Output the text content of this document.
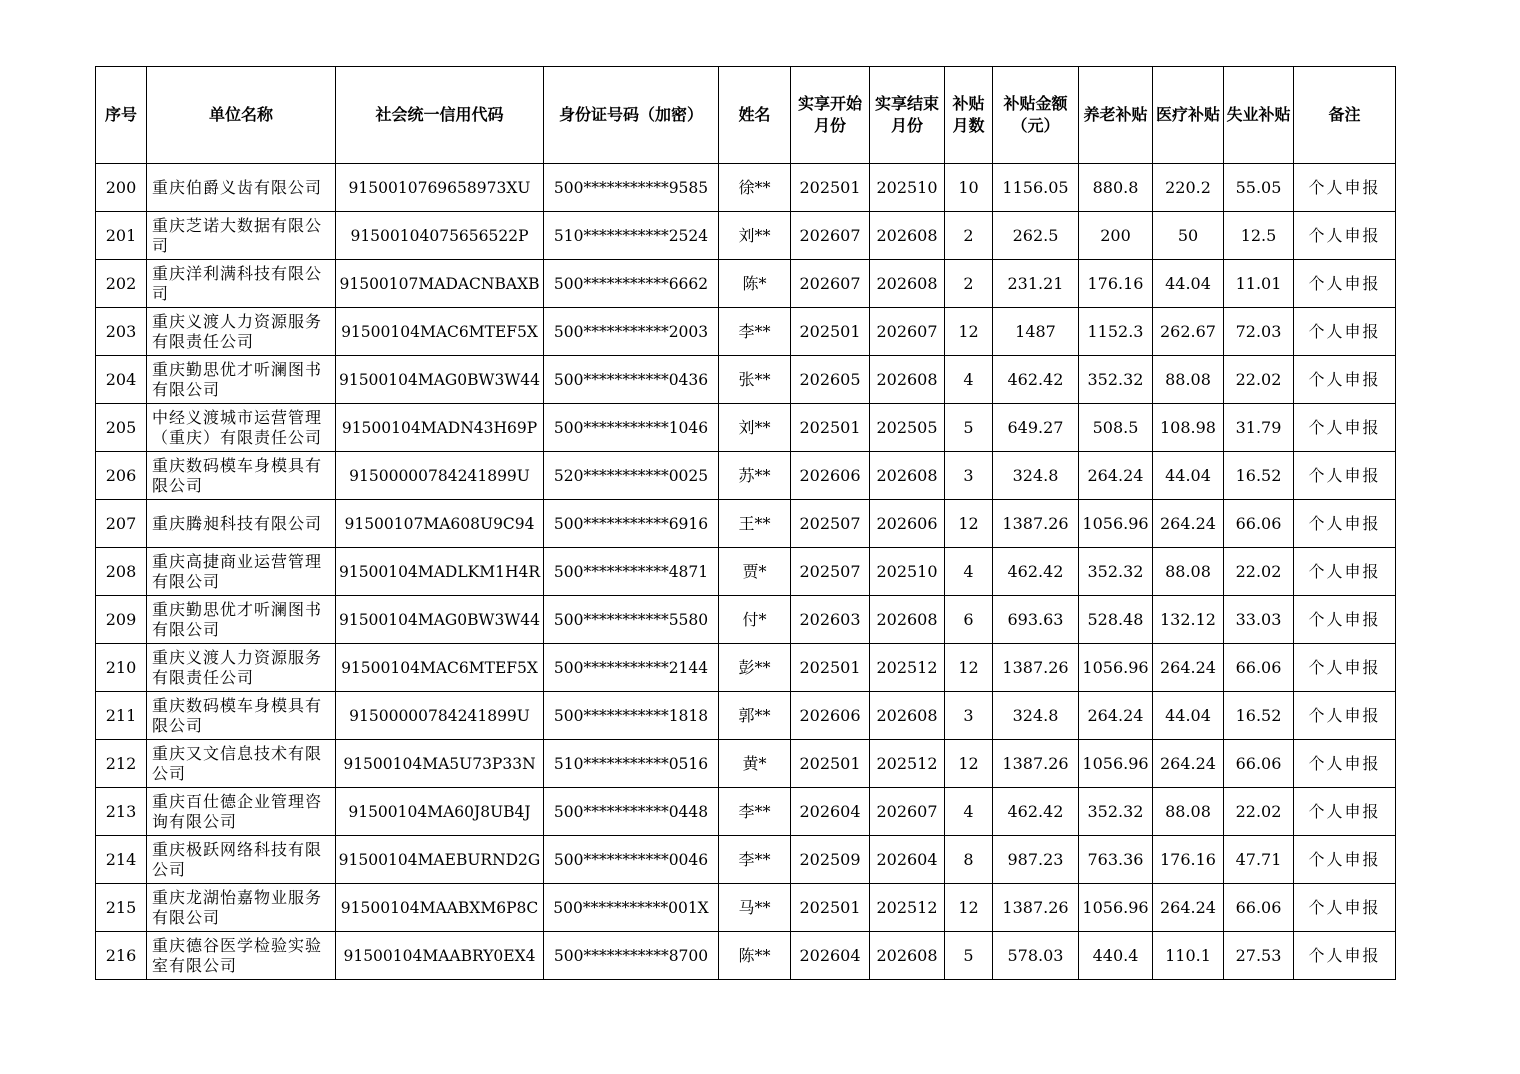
序号	单位名称	社会统一信用代码	身份证号码（加密）	姓名	实享开始月份	实享结束月份	补贴月数	补贴金额（元）	养老补贴	医疗补贴	失业补贴	备注
200	重庆伯爵义齿有限公司	9150010769658973XU	500***********9585	徐**	202501	202510	10	1156.05	880.8	220.2	55.05	个人申报
201	重庆芝诺大数据有限公司	91500104075656522P	510***********2524	刘**	202607	202608	2	262.5	200	50	12.5	个人申报
202	重庆洋利满科技有限公司	91500107MADACNBAXB	500***********6662	陈*	202607	202608	2	231.21	176.16	44.04	11.01	个人申报
203	重庆义渡人力资源服务有限责任公司	91500104MAC6MTEF5X	500***********2003	李**	202501	202607	12	1487	1152.3	262.67	72.03	个人申报
204	重庆勤思优才听澜图书有限公司	91500104MAG0BW3W44	500***********0436	张**	202605	202608	4	462.42	352.32	88.08	22.02	个人申报
205	中经义渡城市运营管理（重庆）有限责任公司	91500104MADN43H69P	500***********1046	刘**	202501	202505	5	649.27	508.5	108.98	31.79	个人申报
206	重庆数码模车身模具有限公司	91500000784241899U	520***********0025	苏**	202606	202608	3	324.8	264.24	44.04	16.52	个人申报
207	重庆腾昶科技有限公司	91500107MA608U9C94	500***********6916	王**	202507	202606	12	1387.26	1056.96	264.24	66.06	个人申报
208	重庆高捷商业运营管理有限公司	91500104MADLKM1H4R	500***********4871	贾*	202507	202510	4	462.42	352.32	88.08	22.02	个人申报
209	重庆勤思优才听澜图书有限公司	91500104MAG0BW3W44	500***********5580	付*	202603	202608	6	693.63	528.48	132.12	33.03	个人申报
210	重庆义渡人力资源服务有限责任公司	91500104MAC6MTEF5X	500***********2144	彭**	202501	202512	12	1387.26	1056.96	264.24	66.06	个人申报
211	重庆数码模车身模具有限公司	91500000784241899U	500***********1818	郭**	202606	202608	3	324.8	264.24	44.04	16.52	个人申报
212	重庆又文信息技术有限公司	91500104MA5U73P33N	510***********0516	黄*	202501	202512	12	1387.26	1056.96	264.24	66.06	个人申报
213	重庆百仕德企业管理咨询有限公司	91500104MA60J8UB4J	500***********0448	李**	202604	202607	4	462.42	352.32	88.08	22.02	个人申报
214	重庆极跃网络科技有限公司	91500104MAEBURND2G	500***********0046	李**	202509	202604	8	987.23	763.36	176.16	47.71	个人申报
215	重庆龙湖怡嘉物业服务有限公司	91500104MAABXM6P8C	500***********001X	马**	202501	202512	12	1387.26	1056.96	264.24	66.06	个人申报
216	重庆德谷医学检验实验室有限公司	91500104MAABRY0EX4	500***********8700	陈**	202604	202608	5	578.03	440.4	110.1	27.53	个人申报
